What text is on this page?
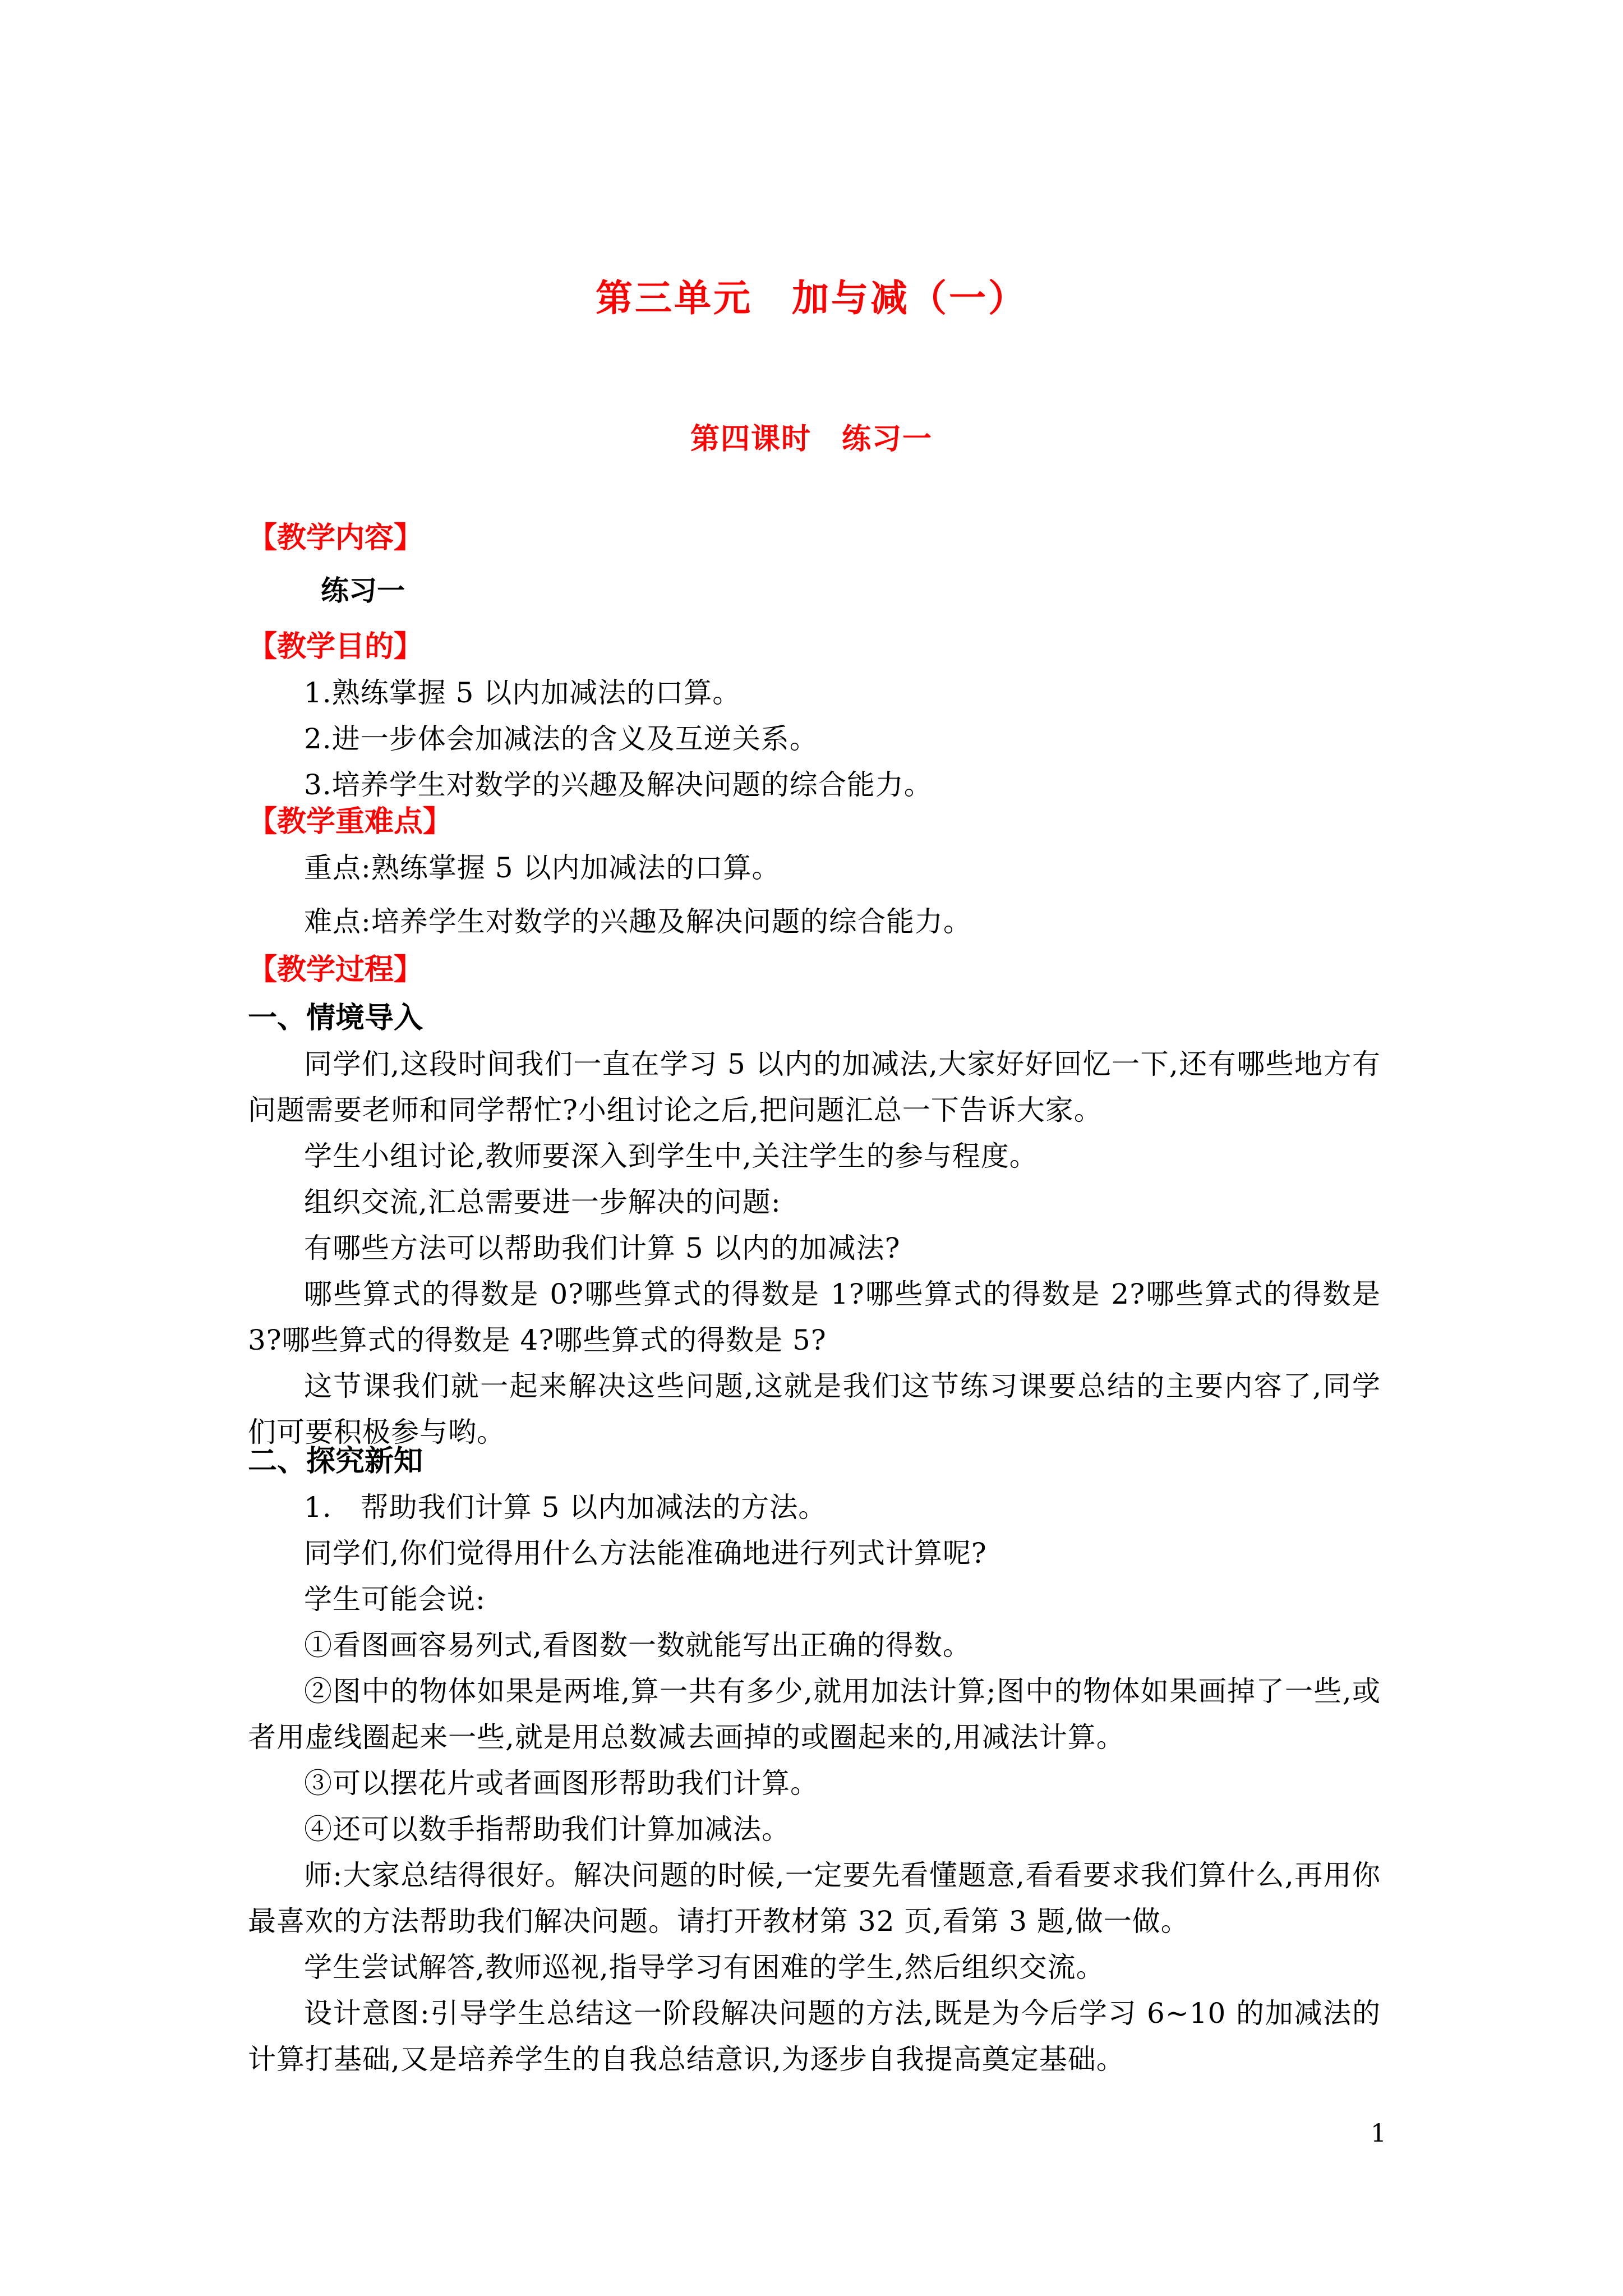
第三单元　加与减（一）
第四课时　练习一

【教学内容】

练习一

【教学目的】

1.熟练掌握 5 以内加减法的口算。

2.进一步体会加减法的含义及互逆关系。

3.培养学生对数学的兴趣及解决问题的综合能力。

【教学重难点】

重点:熟练掌握 5 以内加减法的口算。

难点:培养学生对数学的兴趣及解决问题的综合能力。

【教学过程】

一、情境导入

同学们,这段时间我们一直在学习 5 以内的加减法,大家好好回忆一下,还有哪些地方有问题需要老师和同学帮忙?小组讨论之后,把问题汇总一下告诉大家。

学生小组讨论,教师要深入到学生中,关注学生的参与程度。

组织交流,汇总需要进一步解决的问题:

有哪些方法可以帮助我们计算 5 以内的加减法?

哪些算式的得数是 0?哪些算式的得数是 1?哪些算式的得数是 2?哪些算式的得数是 3?哪些算式的得数是 4?哪些算式的得数是 5?

这节课我们就一起来解决这些问题,这就是我们这节练习课要总结的主要内容了,同学们可要积极参与哟。

二、探究新知

1.　帮助我们计算 5 以内加减法的方法。

同学们,你们觉得用什么方法能准确地进行列式计算呢?

学生可能会说:

①看图画容易列式,看图数一数就能写出正确的得数。

②图中的物体如果是两堆,算一共有多少,就用加法计算;图中的物体如果画掉了一些,或者用虚线圈起来一些,就是用总数减去画掉的或圈起来的,用减法计算。

③可以摆花片或者画图形帮助我们计算。

④还可以数手指帮助我们计算加减法。

师:大家总结得很好。解决问题的时候,一定要先看懂题意,看看要求我们算什么,再用你最喜欢的方法帮助我们解决问题。请打开教材第 32 页,看第 3 题,做一做。

学生尝试解答,教师巡视,指导学习有困难的学生,然后组织交流。

设计意图:引导学生总结这一阶段解决问题的方法,既是为今后学习 6~10 的加减法的计算打基础,又是培养学生的自我总结意识,为逐步自我提高奠定基础。

1
